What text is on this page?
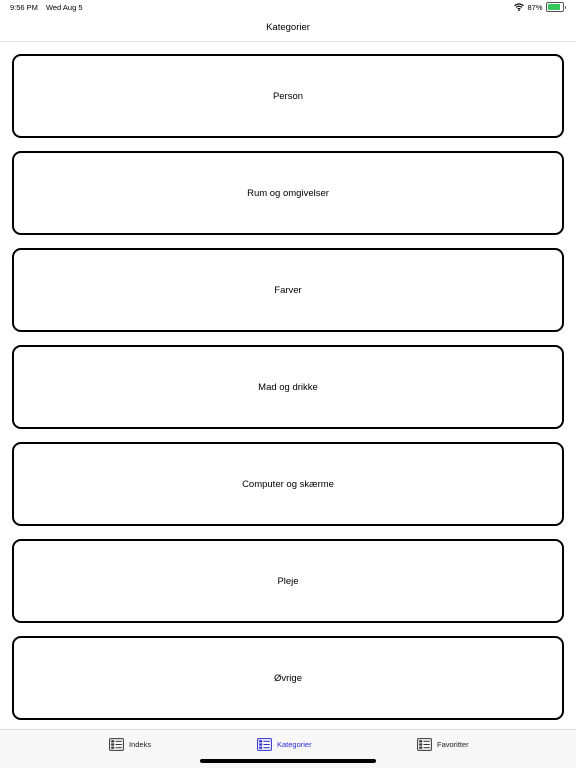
9:56 PM Wed Aug 5	87%
Kategorier
Person
Rum og omgivelser
Farver
Mad og drikke
Computer og skærme
Pleje
Øvrige
Indeks	Kategorier	Favoritter
